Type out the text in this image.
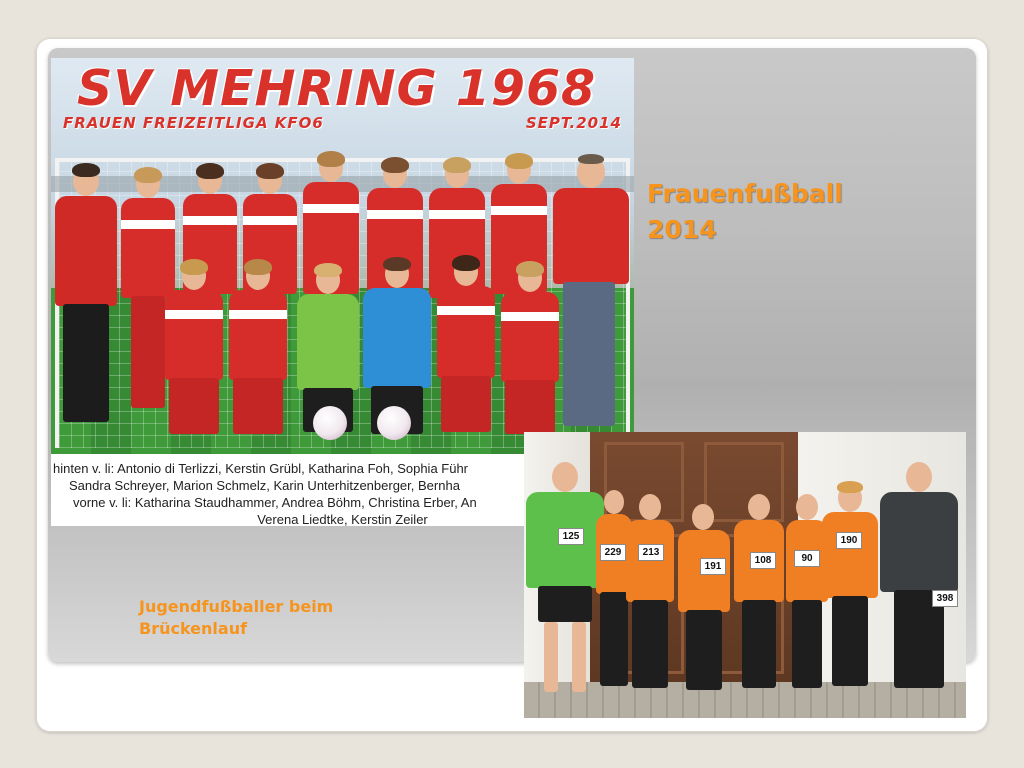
SV MEHRING 1968
FRAUEN FREIZEITLIGA KFO6	SEPT.2014
hinten v. li: Antonio di Terlizzi, Kerstin Grübl, Katharina Foh, Sophia Führ
Sandra Schreyer, Marion Schmelz, Karin Unterhitzenberger, Bernha
vorne v. li: Katharina Staudhammer, Andrea Böhm, Christina Erber, An
Verena Liedtke, Kerstin Zeiler
125
229	213
191
108	90
190
398
Frauenfußball
2014
Jugendfußballer beim
Brückenlauf
